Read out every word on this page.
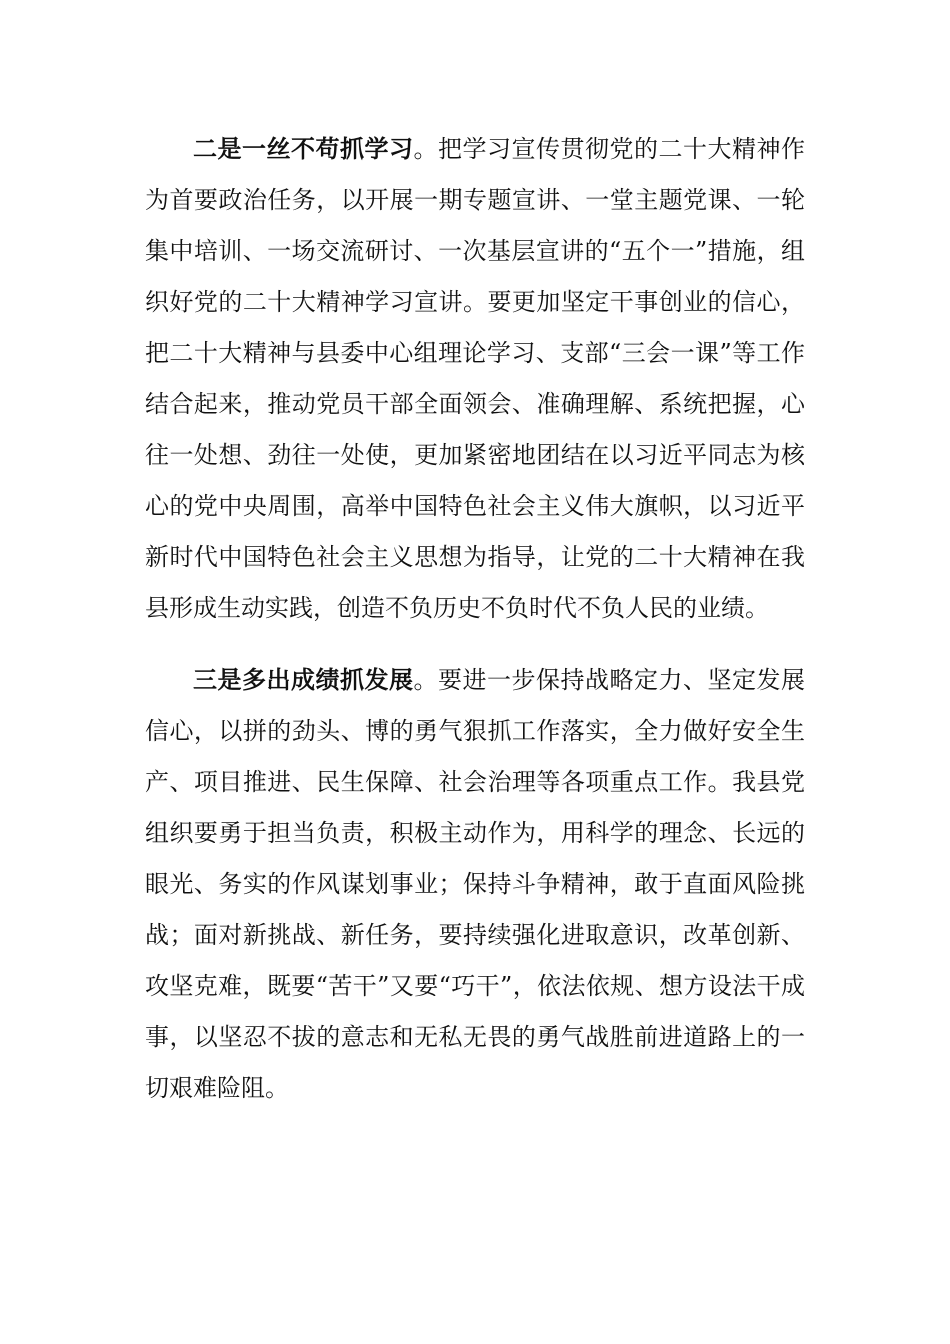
二是一丝不苟抓学习。把学习宣传贯彻党的二十大精神作为首要政治任务，以开展一期专题宣讲、一堂主题党课、一轮集中培训、一场交流研讨、一次基层宣讲的“五个一”措施，组织好党的二十大精神学习宣讲。要更加坚定干事创业的信心，把二十大精神与县委中心组理论学习、支部“三会一课”等工作结合起来，推动党员干部全面领会、准确理解、系统把握，心往一处想、劲往一处使，更加紧密地团结在以习近平同志为核心的党中央周围，高举中国特色社会主义伟大旗帜，以习近平新时代中国特色社会主义思想为指导，让党的二十大精神在我县形成生动实践，创造不负历史不负时代不负人民的业绩。

三是多出成绩抓发展。要进一步保持战略定力、坚定发展信心，以拼的劲头、博的勇气狠抓工作落实，全力做好安全生产、项目推进、民生保障、社会治理等各项重点工作。我县党组织要勇于担当负责，积极主动作为，用科学的理念、长远的眼光、务实的作风谋划事业；保持斗争精神，敢于直面风险挑战；面对新挑战、新任务，要持续强化进取意识，改革创新、攻坚克难，既要“苦干”又要“巧干”，依法依规、想方设法干成事，以坚忍不拔的意志和无私无畏的勇气战胜前进道路上的一切艰难险阻。
